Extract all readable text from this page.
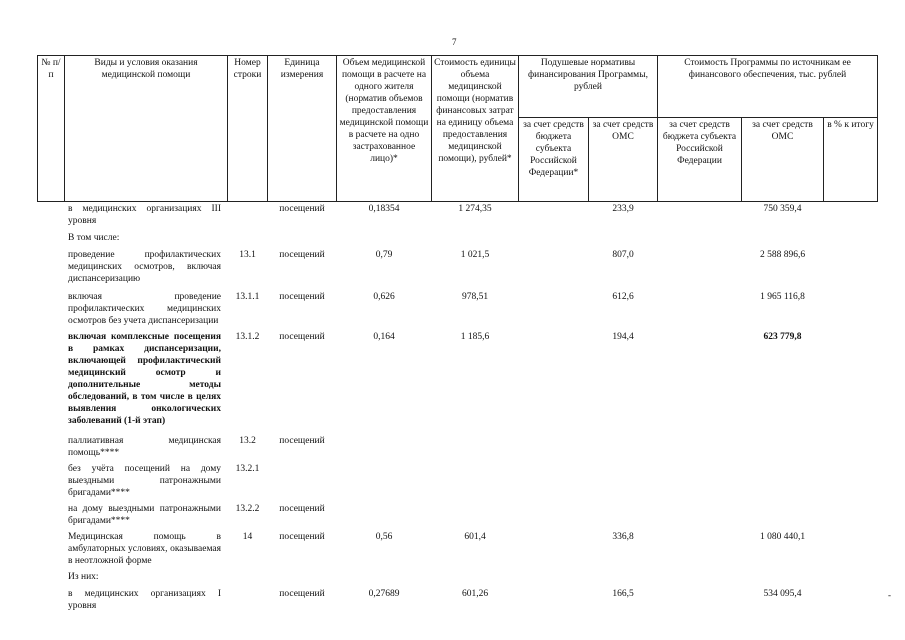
7
№ п/п	Виды и условия оказания медицинской помощи	Номер строки	Единица измерения	Объем медицинской помощи в расчете на одного жителя (норматив объемов предоставления медицинской помощи в расчете на одно застрахованное лицо)*	Стоимость единицы объема медицинской помощи (норматив финансовых затрат на единицу объема предоставления медицинской помощи), рублей*	Подушевые нормативы финансирования Программы, рублей		Стоимость Программы по источникам ее финансового обеспечения, тыс. рублей		
						за счет средств бюджета субъекта Российской Федерации*	за счет средств ОМС	за счет средств бюджета субъекта Российской Федерации	за счет средств ОМС	в % к итогу
	в медицинских организациях III уровня		посещений	0,18354	1 274,35		233,9		750 359,4	
	В том числе:									
	проведение профилактических медицинских осмотров, включая диспансеризацию	13.1	посещений	0,79	1 021,5		807,0		2 588 896,6	
	включая проведение профилактических медицинских осмотров без учета диспансеризации	13.1.1	посещений	0,626	978,51		612,6		1 965 116,8	
	включая комплексные посещения в рамках диспансеризации, включающей профилактический медицинский осмотр и дополнительные методы обследований, в том числе в целях выявления онкологических заболеваний (1-й этап)	13.1.2	посещений	0,164	1 185,6		194,4		623 779,8	
	паллиативная медицинская помощь****	13.2	посещений							
	без учёта посещений на дому выездными патронажными бригадами****	13.2.1								
	на дому выездными патронажными бригадами****	13.2.2	посещений							
	Медицинская помощь в амбулаторных условиях, оказываемая в неотложной форме	14	посещений	0,56	601,4		336,8		1 080 440,1	
	Из них:									
	в медицинских организациях I уровня		посещений	0,27689	601,26		166,5		534 095,4		-
